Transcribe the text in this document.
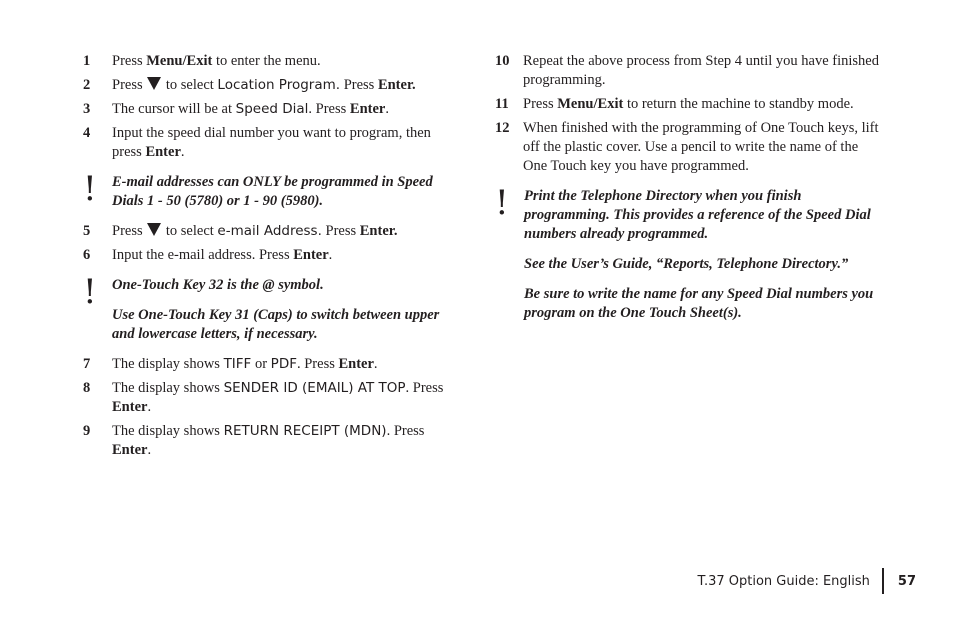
1 Press Menu/Exit to enter the menu.
2 Press  to select Location Program. Press Enter.
3 The cursor will be at Speed Dial. Press Enter.
4 Input the speed dial number you want to program, then press Enter.
! E-mail addresses can ONLY be programmed in Speed Dials 1 - 50 (5780) or 1 - 90 (5980).

5 Press  to select e-mail Address. Press Enter.
6 Input the e-mail address. Press Enter.
! One-Touch Key 32 is the @ symbol.

Use One-Touch Key 31 (Caps) to switch between upper and lowercase letters, if necessary.

7 The display shows TIFF or PDF. Press Enter.
8 The display shows SENDER ID (EMAIL) AT TOP. Press Enter.
9 The display shows RETURN RECEIPT (MDN). Press Enter.
10 Repeat the above process from Step 4 until you have finished programming.
11 Press Menu/Exit to return the machine to standby mode.
12 When finished with the programming of One Touch keys, lift off the plastic cover. Use a pencil to write the name of the One Touch key you have programmed.
! Print the Telephone Directory when you finish programming. This provides a reference of the Speed Dial numbers already programmed.

See the User’s Guide, “Reports, Telephone Directory.”

Be sure to write the name for any Speed Dial numbers you program on the One Touch Sheet(s).

T.37 Option Guide: English 57
